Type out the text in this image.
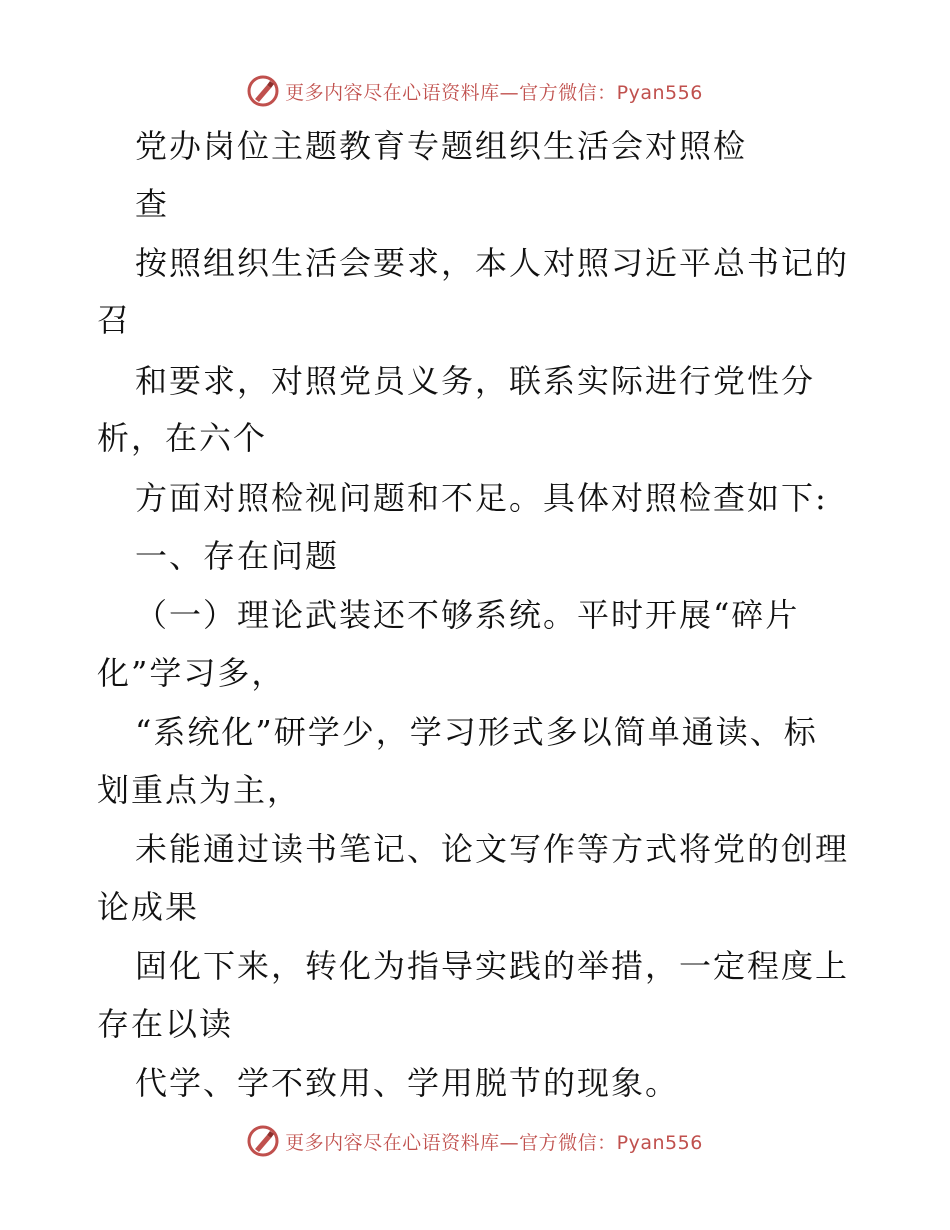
更多内容尽在心语资料库—官方微信：Pyan556
党办岗位主题教育专题组织生活会对照检
查
按照组织生活会要求，本人对照习近平总书记的
召
和要求，对照党员义务，联系实际进行党性分
析，在六个
方面对照检视问题和不足。具体对照检查如下:
一、存在问题
（一）理论武装还不够系统。平时开展“碎片
化”学习多，
“系统化”研学少，学习形式多以简单通读、标
划重点为主，
未能通过读书笔记、论文写作等方式将党的创理
论成果
固化下来，转化为指导实践的举措，一定程度上
存在以读
代学、学不致用、学用脱节的现象。
更多内容尽在心语资料库—官方微信：Pyan556
